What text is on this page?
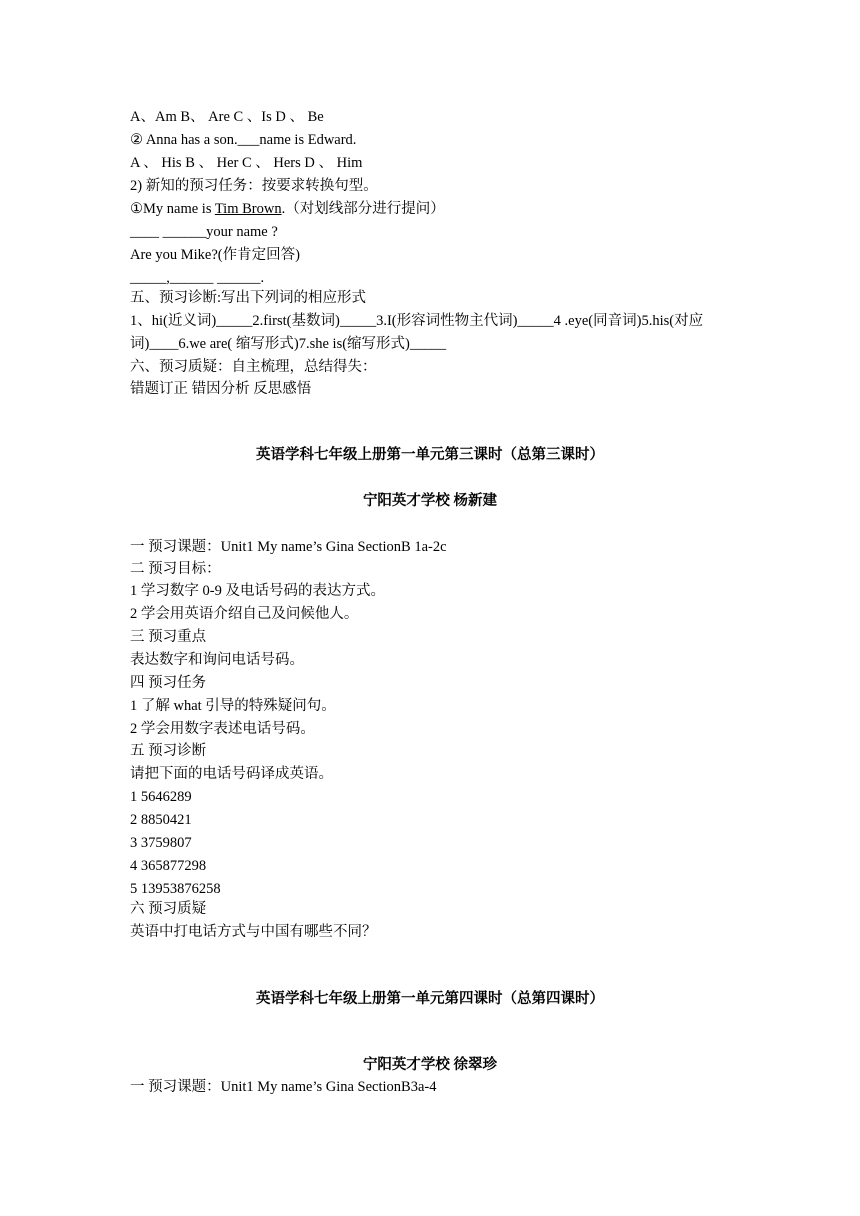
A、Am B、 Are C 、Is D 、 Be
② Anna has a son.___name is Edward.
A 、 His B 、 Her C 、 Hers D 、 Him
2) 新知的预习任务：按要求转换句型。
①My name is Tim Brown.（对划线部分进行提问）
____ ______your name ?
Are you Mike?(作肯定回答)
_____,______ ______.
五、预习诊断:写出下列词的相应形式
1、hi(近义词)_____2.first(基数词)_____3.I(形容词性物主代词)_____4 .eye(同音词)5.his(对应
词)____6.we are( 缩写形式)7.she is(缩写形式)_____
六、预习质疑：自主梳理，总结得失：
错题订正 错因分析 反思感悟
英语学科七年级上册第一单元第三课时（总第三课时）
宁阳英才学校 杨新建
一 预习课题：Unit1 My name’s Gina SectionB 1a-2c
二 预习目标：
1 学习数字 0-9 及电话号码的表达方式。
2 学会用英语介绍自己及问候他人。
三 预习重点
表达数字和询问电话号码。
四 预习任务
1 了解 what 引导的特殊疑问句。
2 学会用数字表述电话号码。
五 预习诊断
请把下面的电话号码译成英语。
1 5646289
2 8850421
3 3759807
4 365877298
5 13953876258
六 预习质疑
英语中打电话方式与中国有哪些不同？
英语学科七年级上册第一单元第四课时（总第四课时）
宁阳英才学校 徐翠珍
一 预习课题：Unit1 My name’s Gina SectionB3a-4
